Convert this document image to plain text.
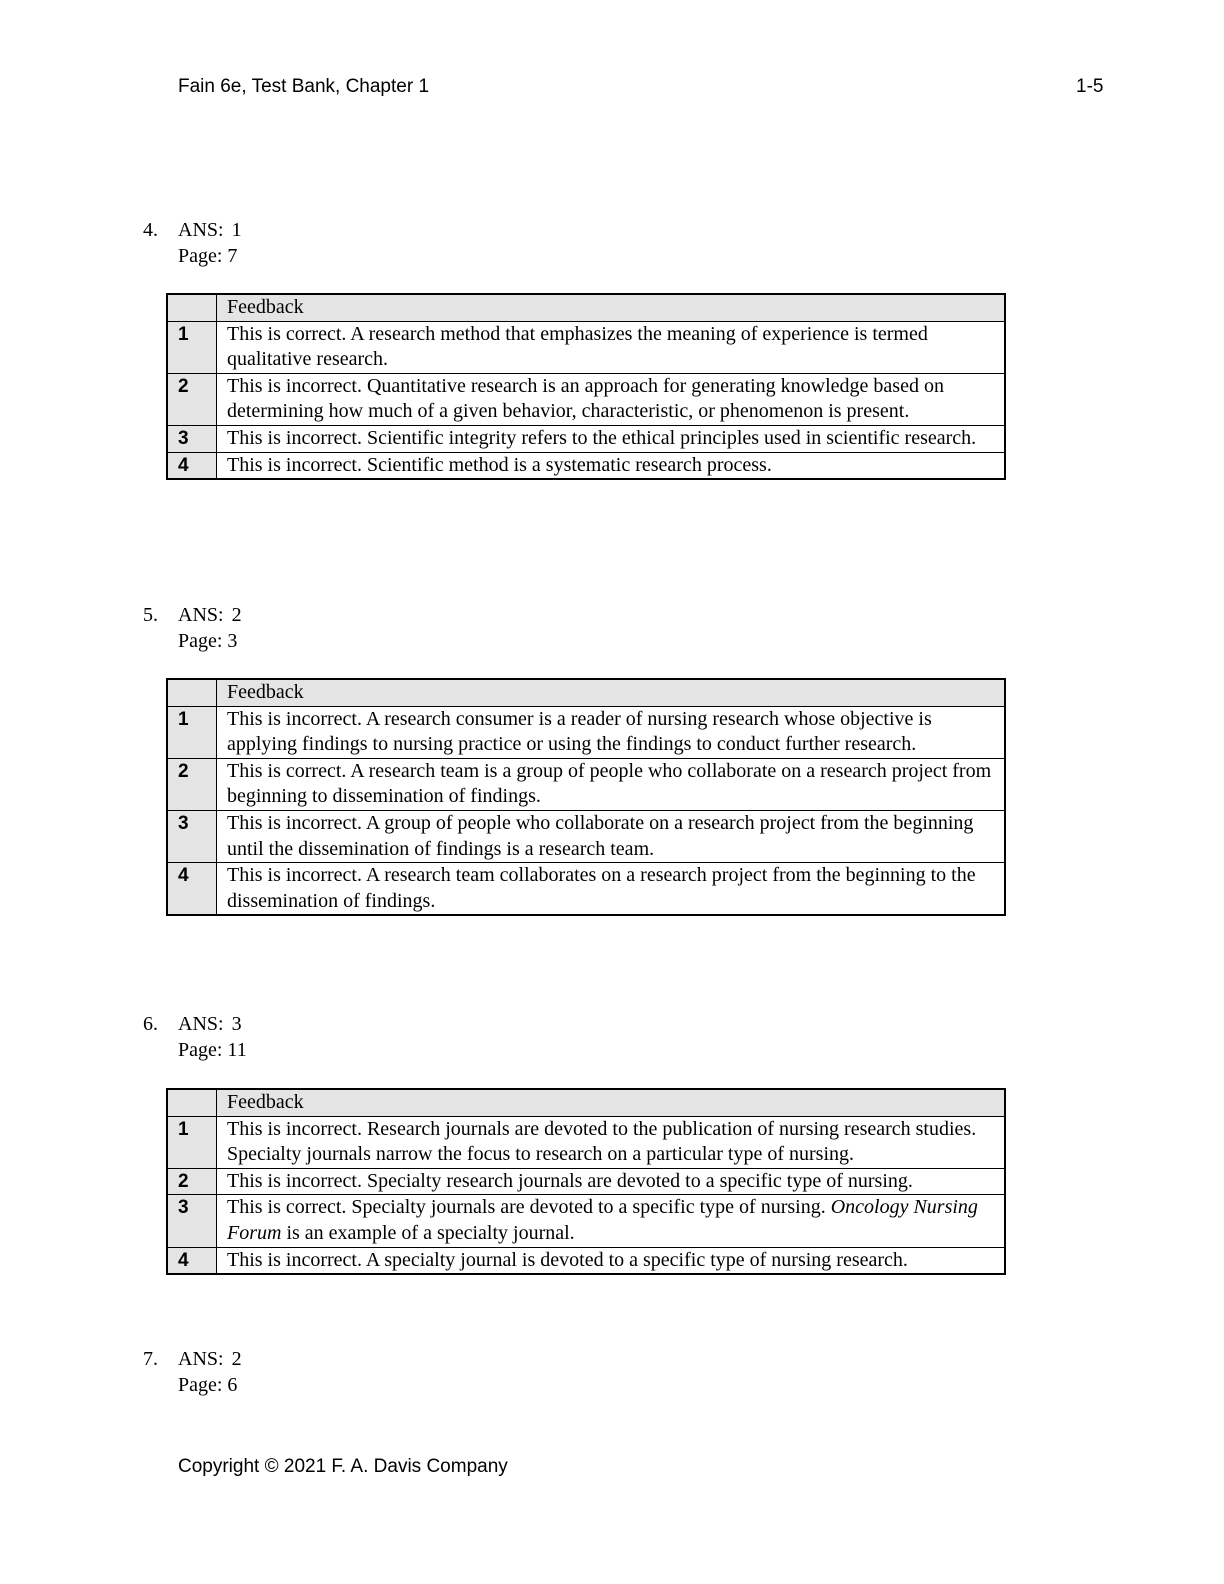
Fain 6e, Test Bank, Chapter 1	1-5
4.	ANS: 1
Page: 7
	Feedback
1	This is correct. A research method that emphasizes the meaning of experience is termed qualitative research.
2	This is incorrect. Quantitative research is an approach for generating knowledge based on determining how much of a given behavior, characteristic, or phenomenon is present.
3	This is incorrect. Scientific integrity refers to the ethical principles used in scientific research.
4	This is incorrect. Scientific method is a systematic research process.
5.	ANS: 2
Page: 3
	Feedback
1	This is incorrect. A research consumer is a reader of nursing research whose objective is applying findings to nursing practice or using the findings to conduct further research.
2	This is correct. A research team is a group of people who collaborate on a research project from beginning to dissemination of findings.
3	This is incorrect. A group of people who collaborate on a research project from the beginning until the dissemination of findings is a research team.
4	This is incorrect. A research team collaborates on a research project from the beginning to the dissemination of findings.
6.	ANS: 3
Page: 11
	Feedback
1	This is incorrect. Research journals are devoted to the publication of nursing research studies. Specialty journals narrow the focus to research on a particular type of nursing.
2	This is incorrect. Specialty research journals are devoted to a specific type of nursing.
3	This is correct. Specialty journals are devoted to a specific type of nursing. Oncology Nursing Forum is an example of a specialty journal.
4	This is incorrect. A specialty journal is devoted to a specific type of nursing research.
7.	ANS: 2
Page: 6
Copyright © 2021 F. A. Davis Company
